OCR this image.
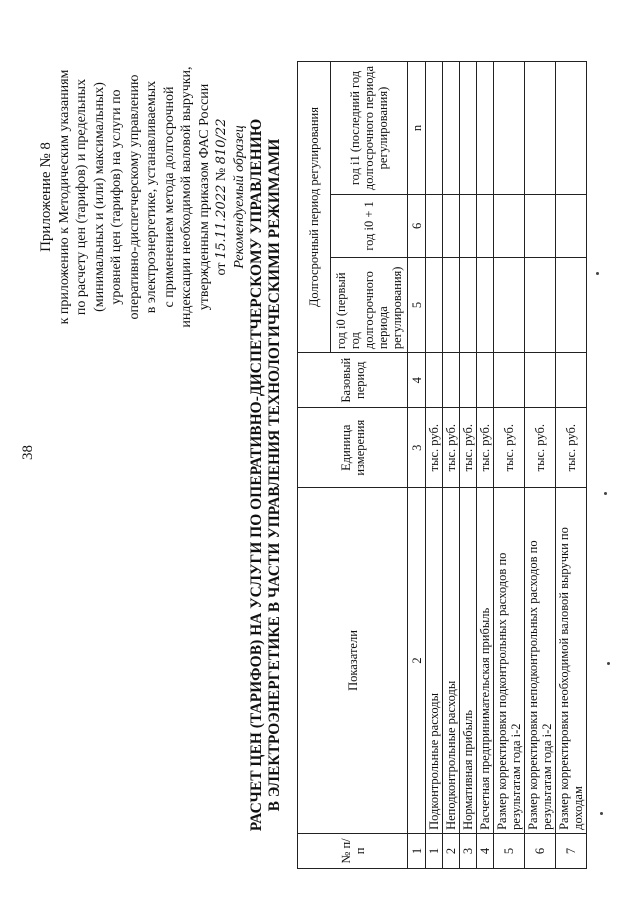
38
Приложение № 8 к приложению к Методическим указаниям по расчету цен (тарифов) и предельных (минимальных и (или) максимальных) уровней цен (тарифов) на услуги по оперативно-диспетчерскому управлению в электроэнергетике, устанавливаемых с применением метода долгосрочной индексации необходимой валовой выручки, утвержденным приказом ФАС России от 15.11.2022 № 810/22 Рекомендуемый образец РАСЧЕТ ЦЕН (ТАРИФОВ) НА УСЛУГИ ПО ОПЕРАТИВНО-ДИСПЕТЧЕРСКОМУ УПРАВЛЕНИЮ В ЭЛЕКТРОЭНЕРГЕТИКЕ В ЧАСТИ УПРАВЛЕНИЯ ТЕХНОЛОГИЧЕСКИМИ РЕЖИМАМИ
№ п/п	Показатели	Единица измерения	Базовый период	Долгосрочный период регулирования		
				год i0 (первый год долгосрочного периода регулирования)	год i0 + 1	год i1 (последний год долгосрочного периода регулирования)
1	2	3	4	5	6	n
1	Подконтрольные расходы	тыс. руб.				
2	Неподконтрольные расходы	тыс. руб.				
3	Нормативная прибыль	тыс. руб.				
4	Расчетная предпринимательская прибыль	тыс. руб.				
5	Размер корректировки подконтрольных расходов по результатам года i-2	тыс. руб.				
6	Размер корректировки неподконтрольных расходов по результатам года i-2	тыс. руб.				
7	Размер корректировки необходимой валовой выручки по доходам	тыс. руб.				
